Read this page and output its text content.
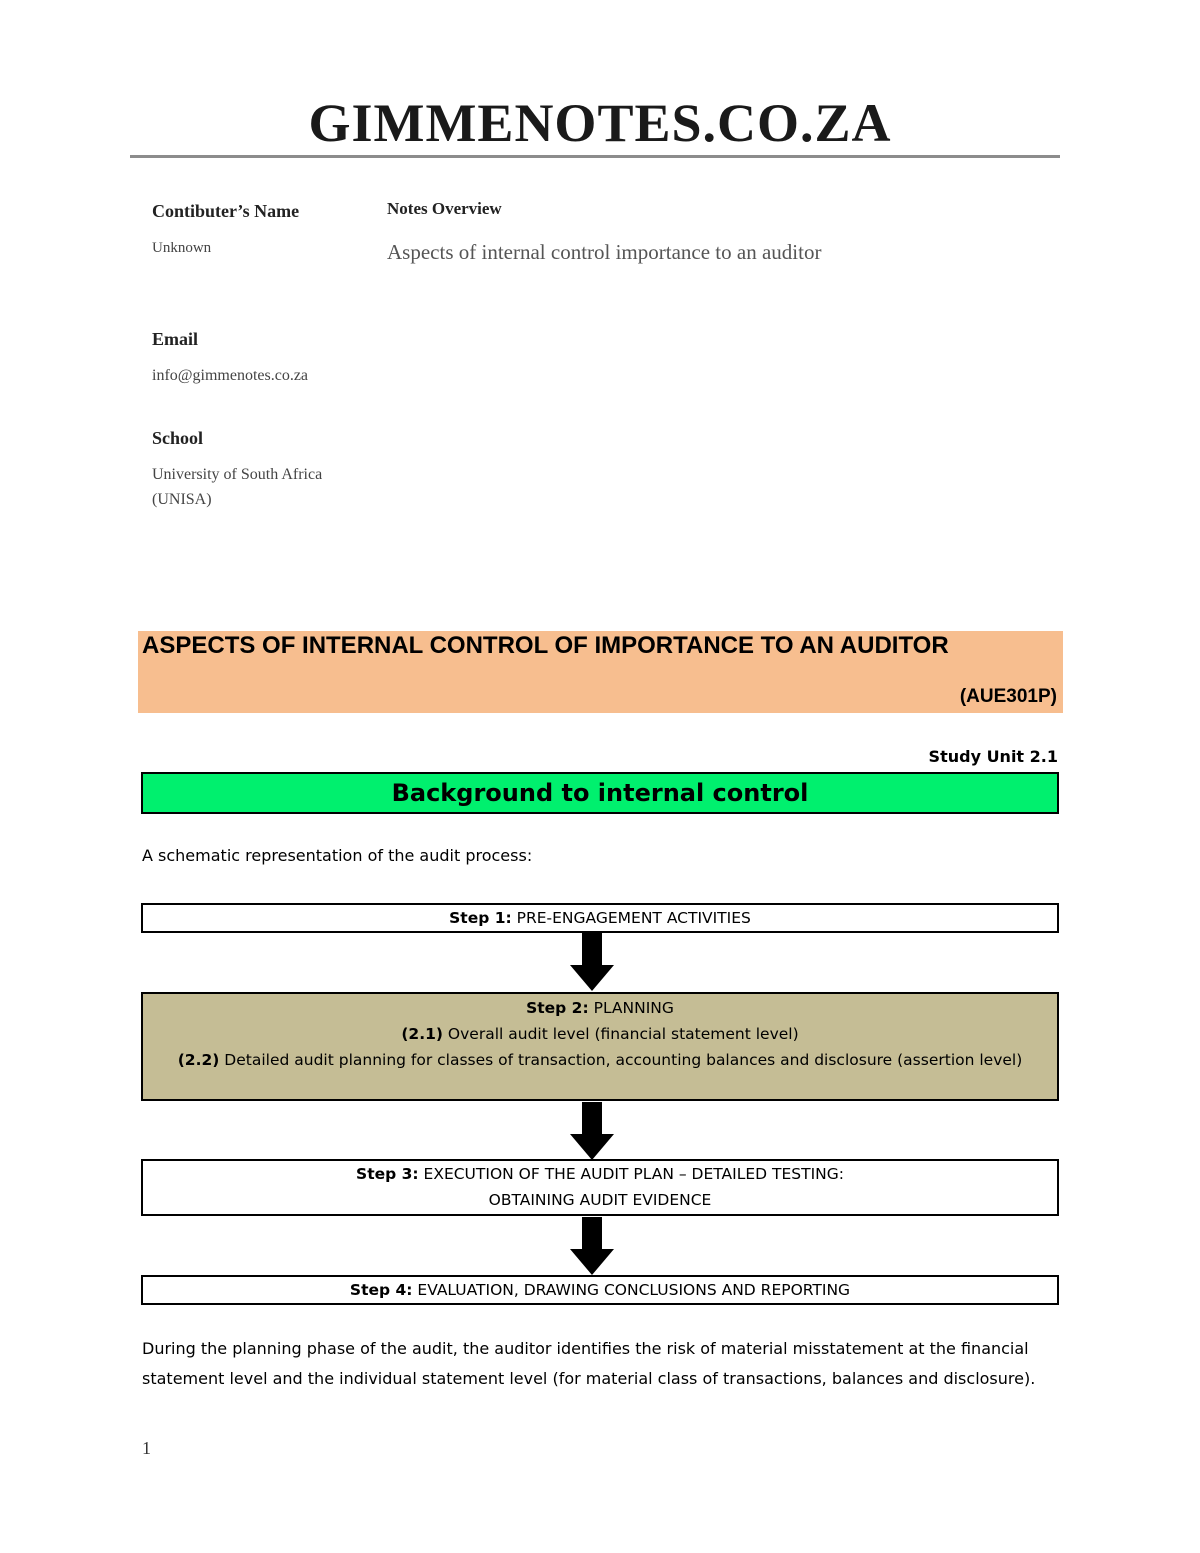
GIMMENOTES.CO.ZA
Contibuter’s Name
Unknown
Notes Overview
Aspects of internal control importance to an auditor
Email
info@gimmenotes.co.za
School
University of South Africa
(UNISA)
ASPECTS OF INTERNAL CONTROL OF IMPORTANCE TO AN AUDITOR
(AUE301P)
Study Unit 2.1
Background to internal control
A schematic representation of the audit process:
Step 1: PRE-ENGAGEMENT ACTIVITIES
Step 2: PLANNING
(2.1) Overall audit level (financial statement level)
(2.2) Detailed audit planning for classes of transaction, accounting balances and disclosure (assertion level)
Step 3: EXECUTION OF THE AUDIT PLAN – DETAILED TESTING:
OBTAINING AUDIT EVIDENCE
Step 4: EVALUATION, DRAWING CONCLUSIONS AND REPORTING
During the planning phase of the audit, the auditor identifies the risk of material misstatement at the financial statement level and the individual statement level (for material class of transactions, balances and disclosure).
1
